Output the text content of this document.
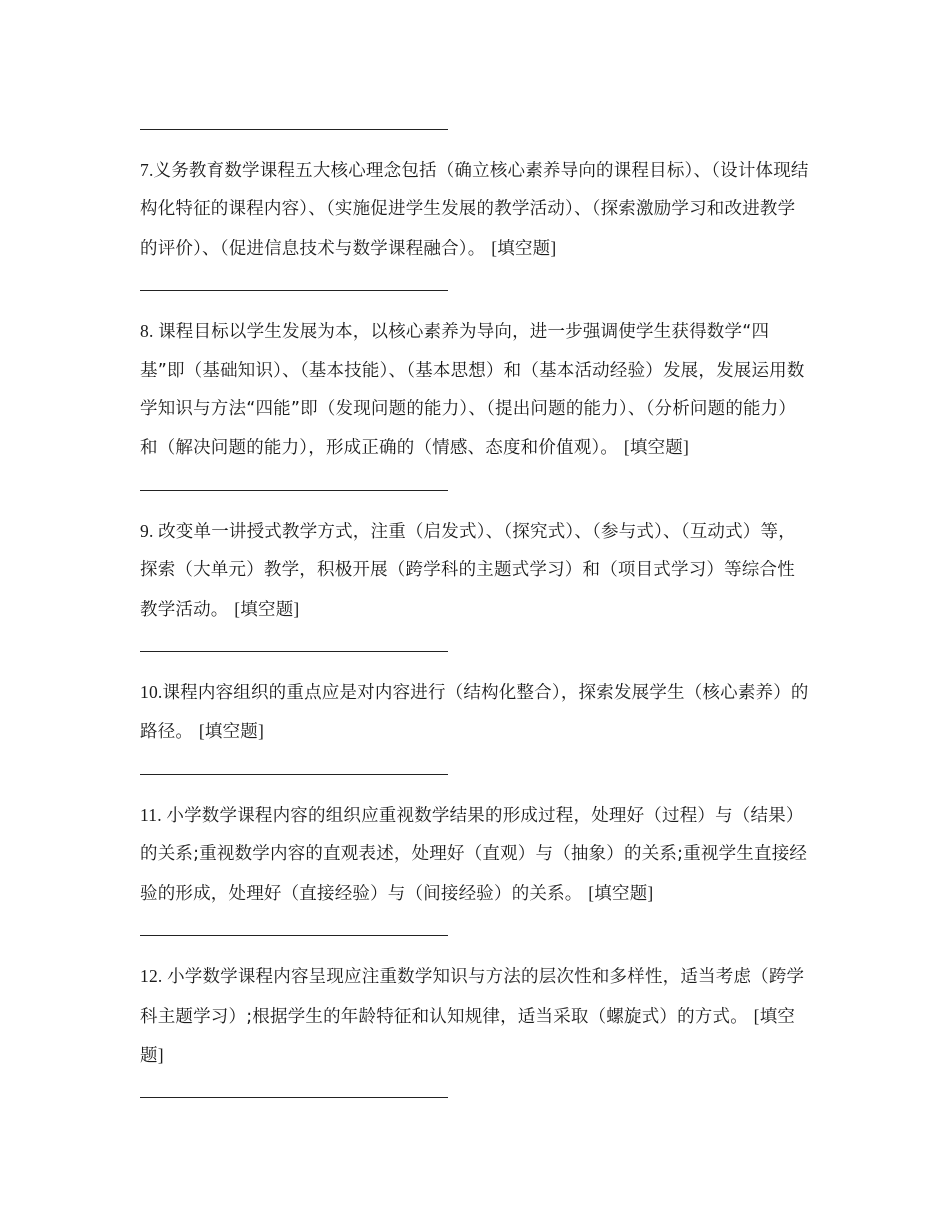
7.义务教育数学课程五大核心理念包括（确立核心素养导向的课程目标）、（设计体现结构化特征的课程内容）、（实施促进学生发展的教学活动）、（探索激励学习和改进教学的评价）、（促进信息技术与数学课程融合）。 [填空题]

8. 课程目标以学生发展为本，以核心素养为导向，进一步强调使学生获得数学“四基”即（基础知识）、（基本技能）、（基本思想）和（基本活动经验）发展，发展运用数学知识与方法“四能”即（发现问题的能力）、（提出问题的能力）、（分析问题的能力）和（解决问题的能力），形成正确的（情感、态度和价值观）。 [填空题]

9. 改变单一讲授式教学方式，注重（启发式）、（探究式）、（参与式）、（互动式）等，探索（大单元）教学，积极开展（跨学科的主题式学习）和（项目式学习）等综合性教学活动。 [填空题]

10.课程内容组织的重点应是对内容进行（结构化整合），探索发展学生（核心素养）的路径。 [填空题]

11. 小学数学课程内容的组织应重视数学结果的形成过程，处理好（过程）与（结果）的关系;重视数学内容的直观表述，处理好（直观）与（抽象）的关系;重视学生直接经验的形成，处理好（直接经验）与（间接经验）的关系。 [填空题]

12. 小学数学课程内容呈现应注重数学知识与方法的层次性和多样性，适当考虑（跨学科主题学习）;根据学生的年龄特征和认知规律，适当采取（螺旋式）的方式。 [填空题]
